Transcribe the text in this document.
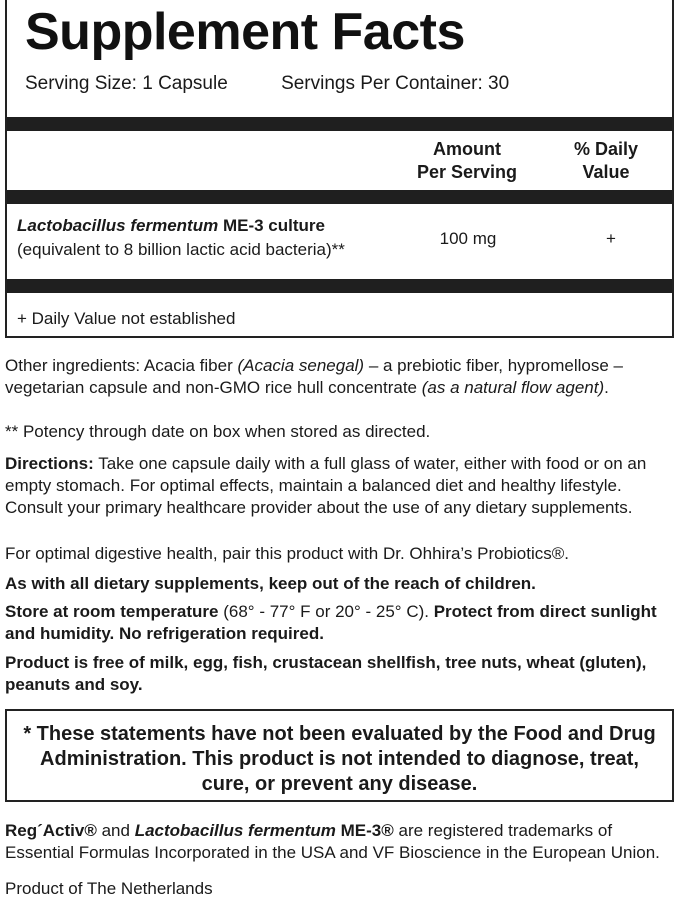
Supplement Facts
Serving Size: 1 Capsule	Servings Per Container: 30
Amount
Per Serving
% Daily
Value
Lactobacillus fermentum ME-3 culture
(equivalent to 8 billion lactic acid bacteria)**
100 mg	+
+ Daily Value not established
Other ingredients: Acacia fiber (Acacia senegal) – a prebiotic fiber, hypromellose – vegetarian capsule and non-GMO rice hull concentrate (as a natural flow agent).
** Potency through date on box when stored as directed.
Directions: Take one capsule daily with a full glass of water, either with food or on an empty stomach. For optimal effects, maintain a balanced diet and healthy lifestyle. Consult your primary healthcare provider about the use of any dietary supplements.
For optimal digestive health, pair this product with Dr. Ohhira’s Probiotics®.
As with all dietary supplements, keep out of the reach of children.
Store at room temperature (68° - 77° F or 20° - 25° C). Protect from direct sunlight and humidity. No refrigeration required.
Product is free of milk, egg, fish, crustacean shellfish, tree nuts, wheat (gluten), peanuts and soy.
* These statements have not been evaluated by the Food and Drug Administration. This product is not intended to diagnose, treat, cure, or prevent any disease.
Reg´Activ® and Lactobacillus fermentum ME-3® are registered trademarks of Essential Formulas Incorporated in the USA and VF Bioscience in the European Union.
Product of The Netherlands
